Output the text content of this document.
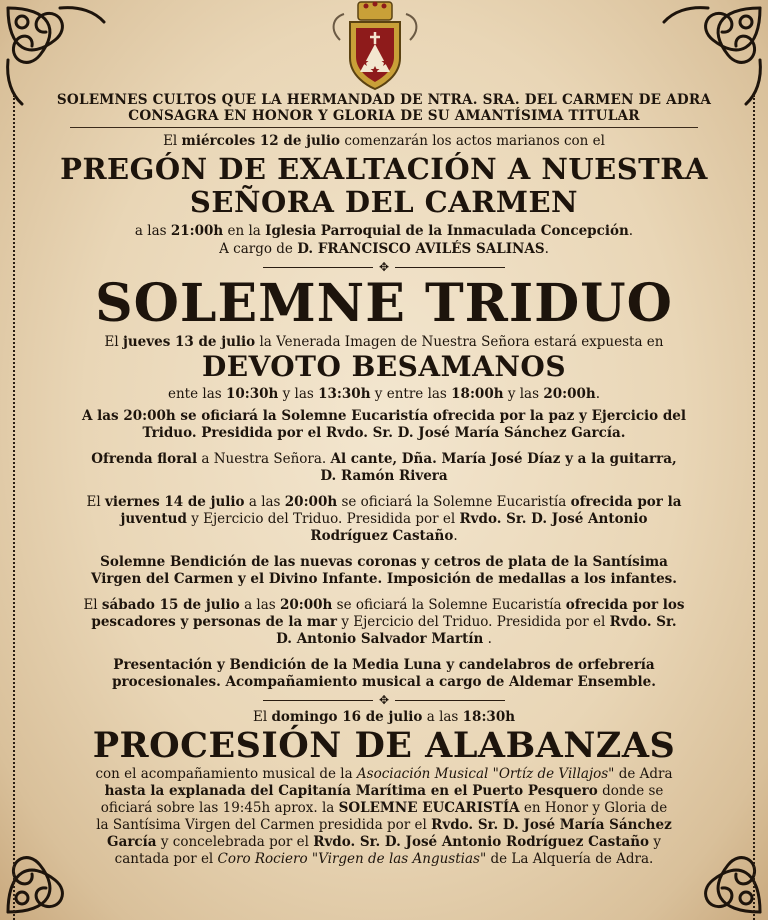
SOLEMNES CULTOS QUE LA HERMANDAD DE NTRA. SRA. DEL CARMEN DE ADRA
CONSAGRA EN HONOR Y GLORIA DE SU AMANTÍSIMA TITULAR
El miércoles 12 de julio comenzarán los actos marianos con el
PREGÓN DE EXALTACIÓN A NUESTRA
SEÑORA DEL CARMEN
a las 21:00h en la Iglesia Parroquial de la Inmaculada Concepción.
A cargo de D. FRANCISCO AVILÉS SALINAS.
✥
SOLEMNE TRIDUO
El jueves 13 de julio la Venerada Imagen de Nuestra Señora estará expuesta en
DEVOTO BESAMANOS
ente las 10:30h y las 13:30h y entre las 18:00h y las 20:00h.
A las 20:00h se oficiará la Solemne Eucaristía ofrecida por la paz y Ejercicio del
Triduo. Presidida por el Rvdo. Sr. D. José María Sánchez García.
Ofrenda floral a Nuestra Señora. Al cante, Dña. María José Díaz y a la guitarra,
D. Ramón Rivera
El viernes 14 de julio a las 20:00h se oficiará la Solemne Eucaristía ofrecida por la
juventud y Ejercicio del Triduo. Presidida por el Rvdo. Sr. D. José Antonio
Rodríguez Castaño.
Solemne Bendición de las nuevas coronas y cetros de plata de la Santísima
Virgen del Carmen y el Divino Infante. Imposición de medallas a los infantes.
El sábado 15 de julio a las 20:00h se oficiará la Solemne Eucaristía ofrecida por los
pescadores y personas de la mar y Ejercicio del Triduo. Presidida por el Rvdo. Sr.
D. Antonio Salvador Martín .
Presentación y Bendición de la Media Luna y candelabros de orfebrería
procesionales. Acompañamiento musical a cargo de Aldemar Ensemble.
✥
El domingo 16 de julio a las 18:30h
PROCESIÓN DE ALABANZAS
con el acompañamiento musical de la Asociación Musical "Ortíz de Villajos" de Adra
hasta la explanada del Capitanía Marítima en el Puerto Pesquero donde se
oficiará sobre las 19:45h aprox. la SOLEMNE EUCARISTÍA en Honor y Gloria de
la Santísima Virgen del Carmen presidida por el Rvdo. Sr. D. José María Sánchez
García y concelebrada por el Rvdo. Sr. D. José Antonio Rodríguez Castaño y
cantada por el Coro Rociero "Virgen de las Angustias" de La Alquería de Adra.
